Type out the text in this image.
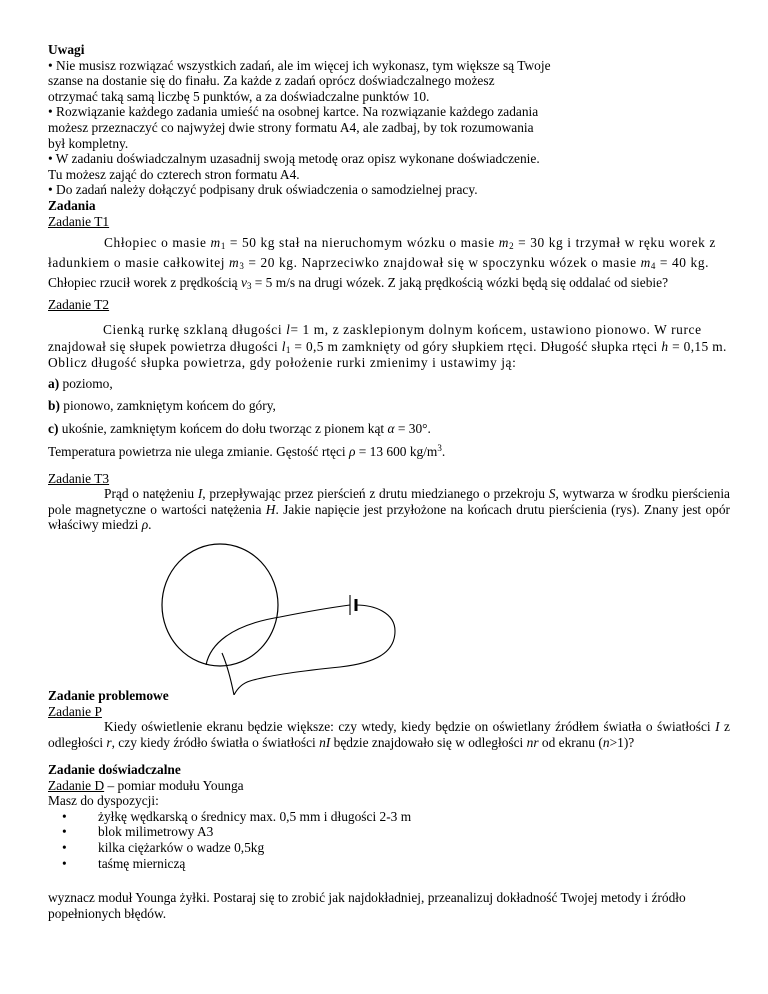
Uwagi
• Nie musisz rozwiązać wszystkich zadań, ale im więcej ich wykonasz, tym większe są Twoje
szanse na dostanie się do finału. Za każde z zadań oprócz doświadczalnego możesz
otrzymać taką samą liczbę 5 punktów, a za doświadczalne punktów 10.
• Rozwiązanie każdego zadania umieść na osobnej kartce. Na rozwiązanie każdego zadania
możesz przeznaczyć co najwyżej dwie strony formatu A4, ale zadbaj, by tok rozumowania
był kompletny.
• W zadaniu doświadczalnym uzasadnij swoją metodę oraz opisz wykonane doświadczenie.
Tu możesz zająć do czterech stron formatu A4.
• Do zadań należy dołączyć podpisany druk oświadczenia o samodzielnej pracy.
Zadania
Zadanie T1
Chłopiec o masie $m_1 = 50$ kg stał na nieruchomym wózku o masie $m_2 = 30$ kg i trzymał w ręku worek z
ładunkiem o masie całkowitej $m_3 = 20$ kg. Naprzeciwko znajdował się w spoczynku wózek o masie $m_4 = 40$ kg.
Chłopiec rzucił worek z prędkością $v_3 = 5$ m/s na drugi wózek. Z jaką prędkością wózki będą się oddalać od siebie?
Zadanie T2
Cienką rurkę szklaną długości l= 1 m, z zasklepionym dolnym końcem, ustawiono pionowo. W rurce
znajdował się słupek powietrza długości $l_1 = 0,5$ m zamknięty od góry słupkiem rtęci. Długość słupka rtęci h = 0,15 m.
Oblicz długość słupka powietrza, gdy położenie rurki zmienimy i ustawimy ją:
a) poziomo,
b) pionowo, zamkniętym końcem do góry,
c) ukośnie, zamkniętym końcem do dołu tworząc z pionem kąt α = 30°.
Temperatura powietrza nie ulega zmianie. Gęstość rtęci ρ = 13 600 $kg/m^3$.
Zadanie T3
Prąd o natężeniu I, przepływając przez pierścień z drutu miedzianego o przekroju S, wytwarza w środku pierścienia pole magnetyczne o wartości natężenia H. Jakie napięcie jest przyłożone na końcach drutu pierścienia (rys). Znany jest opór właściwy miedzi ρ.
Zadanie problemowe
Zadanie P
Kiedy oświetlenie ekranu będzie większe: czy wtedy, kiedy będzie on oświetlany źródłem światła o światłości I z odległości r, czy kiedy źródło światła o światłości nI będzie znajdowało się w odległości nr od ekranu (n>1)?
Zadanie doświadczalne
Zadanie D – pomiar modułu Younga
Masz do dyspozycji:
• żyłkę wędkarską o średnicy max. 0,5 mm i długości 2-3 m
• blok milimetrowy A3
• kilka ciężarków o wadze 0,5kg
• taśmę mierniczą
wyznacz moduł Younga żyłki. Postaraj się to zrobić jak najdokładniej, przeanalizuj dokładność Twojej metody i źródło
popełnionych błędów.
